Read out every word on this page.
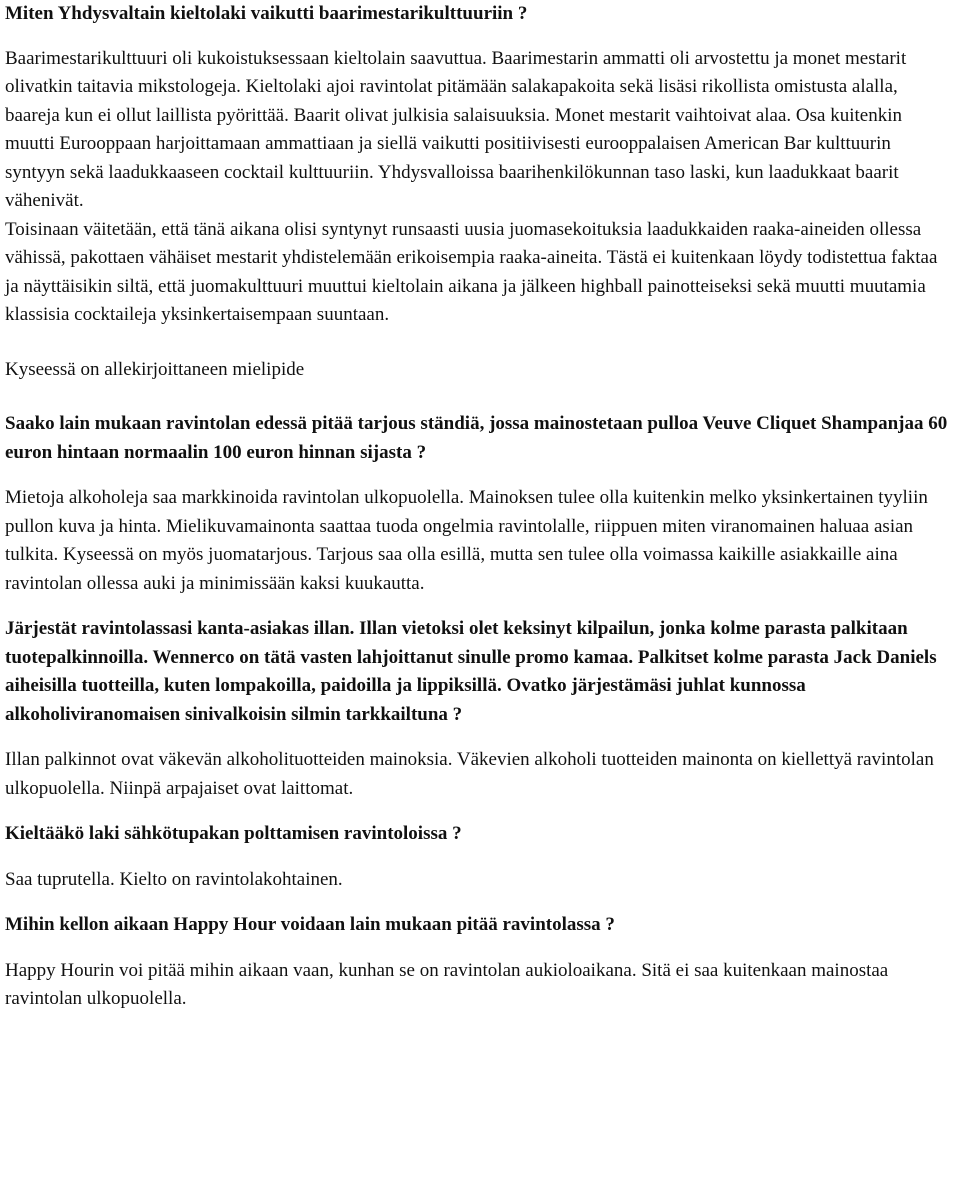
Miten Yhdysvaltain kieltolaki vaikutti baarimestarikulttuuriin ?

Baarimestarikulttuuri oli kukoistuksessaan kieltolain saavuttua. Baarimestarin ammatti oli arvostettu ja monet mestarit olivatkin taitavia mikstologeja. Kieltolaki ajoi ravintolat pitämään salakapakoita sekä lisäsi rikollista omistusta alalla, baareja kun ei ollut laillista pyörittää. Baarit olivat julkisia salaisuuksia. Monet mestarit vaihtoivat alaa. Osa kuitenkin muutti Eurooppaan harjoittamaan ammattiaan ja siellä vaikutti positiivisesti eurooppalaisen American Bar kulttuurin syntyyn sekä laadukkaaseen cocktail kulttuuriin. Yhdysvalloissa baarihenkilökunnan taso laski, kun laadukkaat baarit vähenivät.

Toisinaan väitetään, että tänä aikana olisi syntynyt runsaasti uusia juomasekoituksia laadukkaiden raaka-aineiden ollessa vähissä, pakottaen vähäiset mestarit yhdistelemään erikoisempia raaka-aineita. Tästä ei kuitenkaan löydy todistettua faktaa ja näyttäisikin siltä, että juomakulttuuri muuttui kieltolain aikana ja jälkeen highball painotteiseksi sekä muutti muutamia klassisia cocktaileja yksinkertaisempaan suuntaan.

Kyseessä on allekirjoittaneen mielipide

Saako lain mukaan ravintolan edessä pitää tarjous ständiä, jossa mainostetaan pulloa Veuve Cliquet Shampanjaa 60 euron hintaan normaalin 100 euron hinnan sijasta ?

Mietoja alkoholeja saa markkinoida ravintolan ulkopuolella. Mainoksen tulee olla kuitenkin melko yksinkertainen tyyliin pullon kuva ja hinta. Mielikuvamainonta saattaa tuoda ongelmia ravintolalle, riippuen miten viranomainen haluaa asian tulkita. Kyseessä on myös juomatarjous. Tarjous saa olla esillä, mutta sen tulee olla voimassa kaikille asiakkaille aina ravintolan ollessa auki ja minimissään kaksi kuukautta.

Järjestät ravintolassasi kanta-asiakas illan. Illan vietoksi olet keksinyt kilpailun, jonka kolme parasta palkitaan tuotepalkinnoilla. Wennerco on tätä vasten lahjoittanut sinulle promo kamaa. Palkitset kolme parasta Jack Daniels aiheisilla tuotteilla, kuten lompakoilla, paidoilla ja lippiksillä. Ovatko järjestämäsi juhlat kunnossa alkoholiviranomaisen sinivalkoisin silmin tarkkailtuna ?

Illan palkinnot ovat väkevän alkoholituotteiden mainoksia. Väkevien alkoholi tuotteiden mainonta on kiellettyä ravintolan ulkopuolella. Niinpä arpajaiset ovat laittomat.

Kieltääkö laki sähkötupakan polttamisen ravintoloissa ?

Saa tuprutella. Kielto on ravintolakohtainen.

Mihin kellon aikaan Happy Hour voidaan lain mukaan pitää ravintolassa ?

Happy Hourin voi pitää mihin aikaan vaan, kunhan se on ravintolan aukioloaikana. Sitä ei saa kuitenkaan mainostaa ravintolan ulkopuolella.
